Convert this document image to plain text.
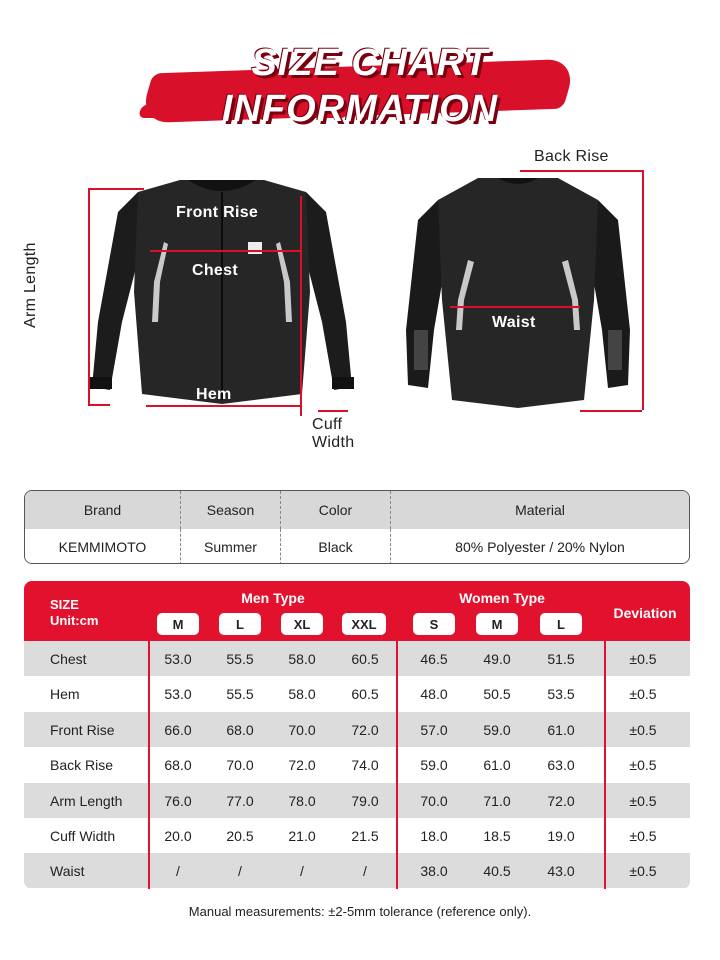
SIZE CHART
INFORMATION
Front Rise
Chest
Hem
Arm Length
Cuff
Width
Back Rise
Waist
Brand	Season	Color	Material
KEMMIMOTO	Summer	Black	80% Polyester / 20% Nylon
SIZE
Unit:cm
Men Type	Women Type
Deviation
M	L	XL	XXL	S	M	L
Chest	53.0	55.5	58.0	60.5	46.5	49.0	51.5	±0.5
Hem	53.0	55.5	58.0	60.5	48.0	50.5	53.5	±0.5
Front Rise	66.0	68.0	70.0	72.0	57.0	59.0	61.0	±0.5
Back Rise	68.0	70.0	72.0	74.0	59.0	61.0	63.0	±0.5
Arm Length	76.0	77.0	78.0	79.0	70.0	71.0	72.0	±0.5
Cuff Width	20.0	20.5	21.0	21.5	18.0	18.5	19.0	±0.5
Waist	/	/	/	/	38.0	40.5	43.0	±0.5
Manual measurements: ±2-5mm tolerance (reference only).
